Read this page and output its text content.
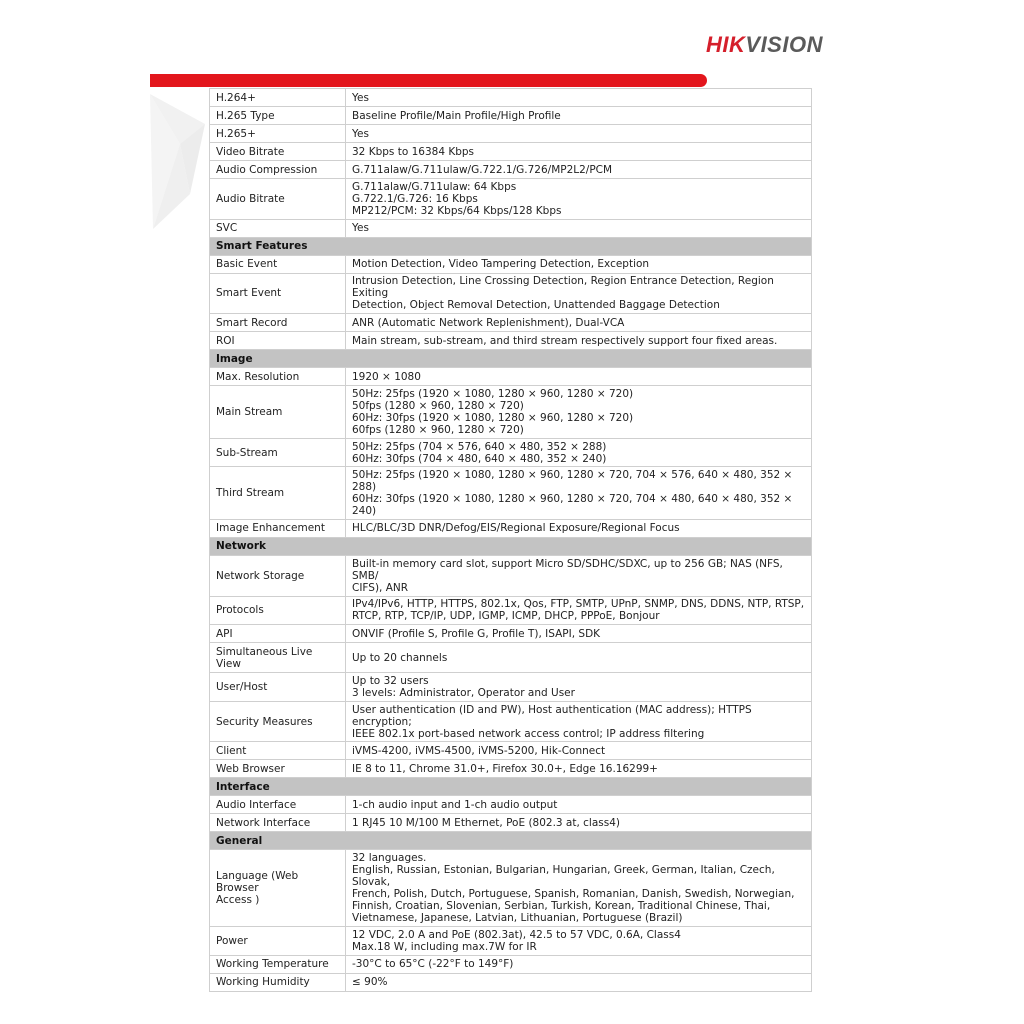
HIKVISION
H.264+	Yes
H.265 Type	Baseline Profile/Main Profile/High Profile
H.265+	Yes
Video Bitrate	32 Kbps to 16384 Kbps
Audio Compression	G.711alaw/G.711ulaw/G.722.1/G.726/MP2L2/PCM
Audio Bitrate	G.711alaw/G.711ulaw: 64 Kbps
G.722.1/G.726: 16 Kbps
MP212/PCM: 32 Kbps/64 Kbps/128 Kbps
SVC	Yes
Smart Features	
Basic Event	Motion Detection, Video Tampering Detection, Exception
Smart Event	Intrusion Detection, Line Crossing Detection, Region Entrance Detection, Region Exiting
Detection, Object Removal Detection, Unattended Baggage Detection
Smart Record	ANR (Automatic Network Replenishment), Dual-VCA
ROI	Main stream, sub-stream, and third stream respectively support four fixed areas.
Image	
Max. Resolution	1920 × 1080
Main Stream	50Hz: 25fps (1920 × 1080, 1280 × 960, 1280 × 720)
50fps (1280 × 960, 1280 × 720)
60Hz: 30fps (1920 × 1080, 1280 × 960, 1280 × 720)
60fps (1280 × 960, 1280 × 720)
Sub-Stream	50Hz: 25fps (704 × 576, 640 × 480, 352 × 288)
60Hz: 30fps (704 × 480, 640 × 480, 352 × 240)
Third Stream	50Hz: 25fps (1920 × 1080, 1280 × 960, 1280 × 720, 704 × 576, 640 × 480, 352 × 288)
60Hz: 30fps (1920 × 1080, 1280 × 960, 1280 × 720, 704 × 480, 640 × 480, 352 × 240)
Image Enhancement	HLC/BLC/3D DNR/Defog/EIS/Regional Exposure/Regional Focus
Network	
Network Storage	Built-in memory card slot, support Micro SD/SDHC/SDXC, up to 256 GB; NAS (NFS, SMB/
CIFS), ANR
Protocols	IPv4/IPv6, HTTP, HTTPS, 802.1x, Qos, FTP, SMTP, UPnP, SNMP, DNS, DDNS, NTP, RTSP,
RTCP, RTP, TCP/IP, UDP, IGMP, ICMP, DHCP, PPPoE, Bonjour
API	ONVIF (Profile S, Profile G, Profile T), ISAPI, SDK
Simultaneous Live View	Up to 20 channels
User/Host	Up to 32 users
3 levels: Administrator, Operator and User
Security Measures	User authentication (ID and PW), Host authentication (MAC address); HTTPS encryption;
IEEE 802.1x port-based network access control; IP address filtering
Client	iVMS-4200, iVMS-4500, iVMS-5200, Hik-Connect
Web Browser	IE 8 to 11, Chrome 31.0+, Firefox 30.0+, Edge 16.16299+
Interface	
Audio Interface	1-ch audio input and 1-ch audio output
Network Interface	1 RJ45 10 M/100 M Ethernet, PoE (802.3 at, class4)
General	
Language (Web Browser
Access )	32 languages.
English, Russian, Estonian, Bulgarian, Hungarian, Greek, German, Italian, Czech, Slovak,
French, Polish, Dutch, Portuguese, Spanish, Romanian, Danish, Swedish, Norwegian,
Finnish, Croatian, Slovenian, Serbian, Turkish, Korean, Traditional Chinese, Thai,
Vietnamese, Japanese, Latvian, Lithuanian, Portuguese (Brazil)
Power	12 VDC, 2.0 A and PoE (802.3at), 42.5 to 57 VDC, 0.6A, Class4
Max.18 W, including max.7W for IR
Working Temperature	-30°C to 65°C (-22°F to 149°F)
Working Humidity	≤ 90%
